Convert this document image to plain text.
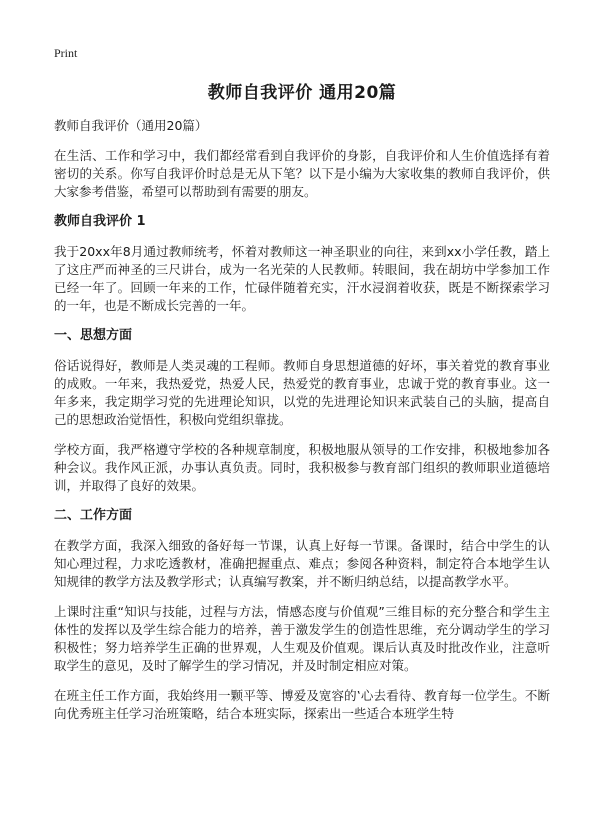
Print
教师自我评价 通用20篇
教师自我评价（通用20篇）

在生活、工作和学习中，我们都经常看到自我评价的身影，自我评价和人生价值选择有着密切的关系。你写自我评价时总是无从下笔？以下是小编为大家收集的教师自我评价，供大家参考借鉴，希望可以帮助到有需要的朋友。

教师自我评价 1

我于20xx年8月通过教师统考，怀着对教师这一神圣职业的向往，来到xx小学任教，踏上了这庄严而神圣的三尺讲台，成为一名光荣的人民教师。转眼间，我在胡坊中学参加工作已经一年了。回顾一年来的工作，忙碌伴随着充实，汗水浸润着收获，既是不断探索学习的一年，也是不断成长完善的一年。

一、思想方面

俗话说得好，教师是人类灵魂的工程师。教师自身思想道德的好坏，事关着党的教育事业的成败。一年来，我热爱党，热爱人民，热爱党的教育事业，忠诚于党的教育事业。这一年多来，我定期学习党的先进理论知识，以党的先进理论知识来武装自己的头脑，提高自己的思想政治觉悟性，积极向党组织靠拢。

学校方面，我严格遵守学校的各种规章制度，积极地服从领导的工作安排，积极地参加各种会议。我作风正派，办事认真负责。同时，我积极参与教育部门组织的教师职业道德培训，并取得了良好的效果。

二、工作方面

在教学方面，我深入细致的备好每一节课，认真上好每一节课。备课时，结合中学生的认知心理过程，力求吃透教材，准确把握重点、难点；参阅各种资料，制定符合本地学生认知规律的教学方法及教学形式；认真编写教案，并不断归纳总结，以提高教学水平。

上课时注重“知识与技能，过程与方法，情感态度与价值观”三维目标的充分整合和学生主体性的发挥以及学生综合能力的培养，善于激发学生的创造性思维，充分调动学生的学习积极性；努力培养学生正确的世界观，人生观及价值观。课后认真及时批改作业，注意听取学生的意见，及时了解学生的学习情况，并及时制定相应对策。

在班主任工作方面，我始终用一颗平等、博爱及宽容的‛心去看待、教育每一位学生。不断向优秀班主任学习治班策略，结合本班实际，探索出一些适合本班学生特
